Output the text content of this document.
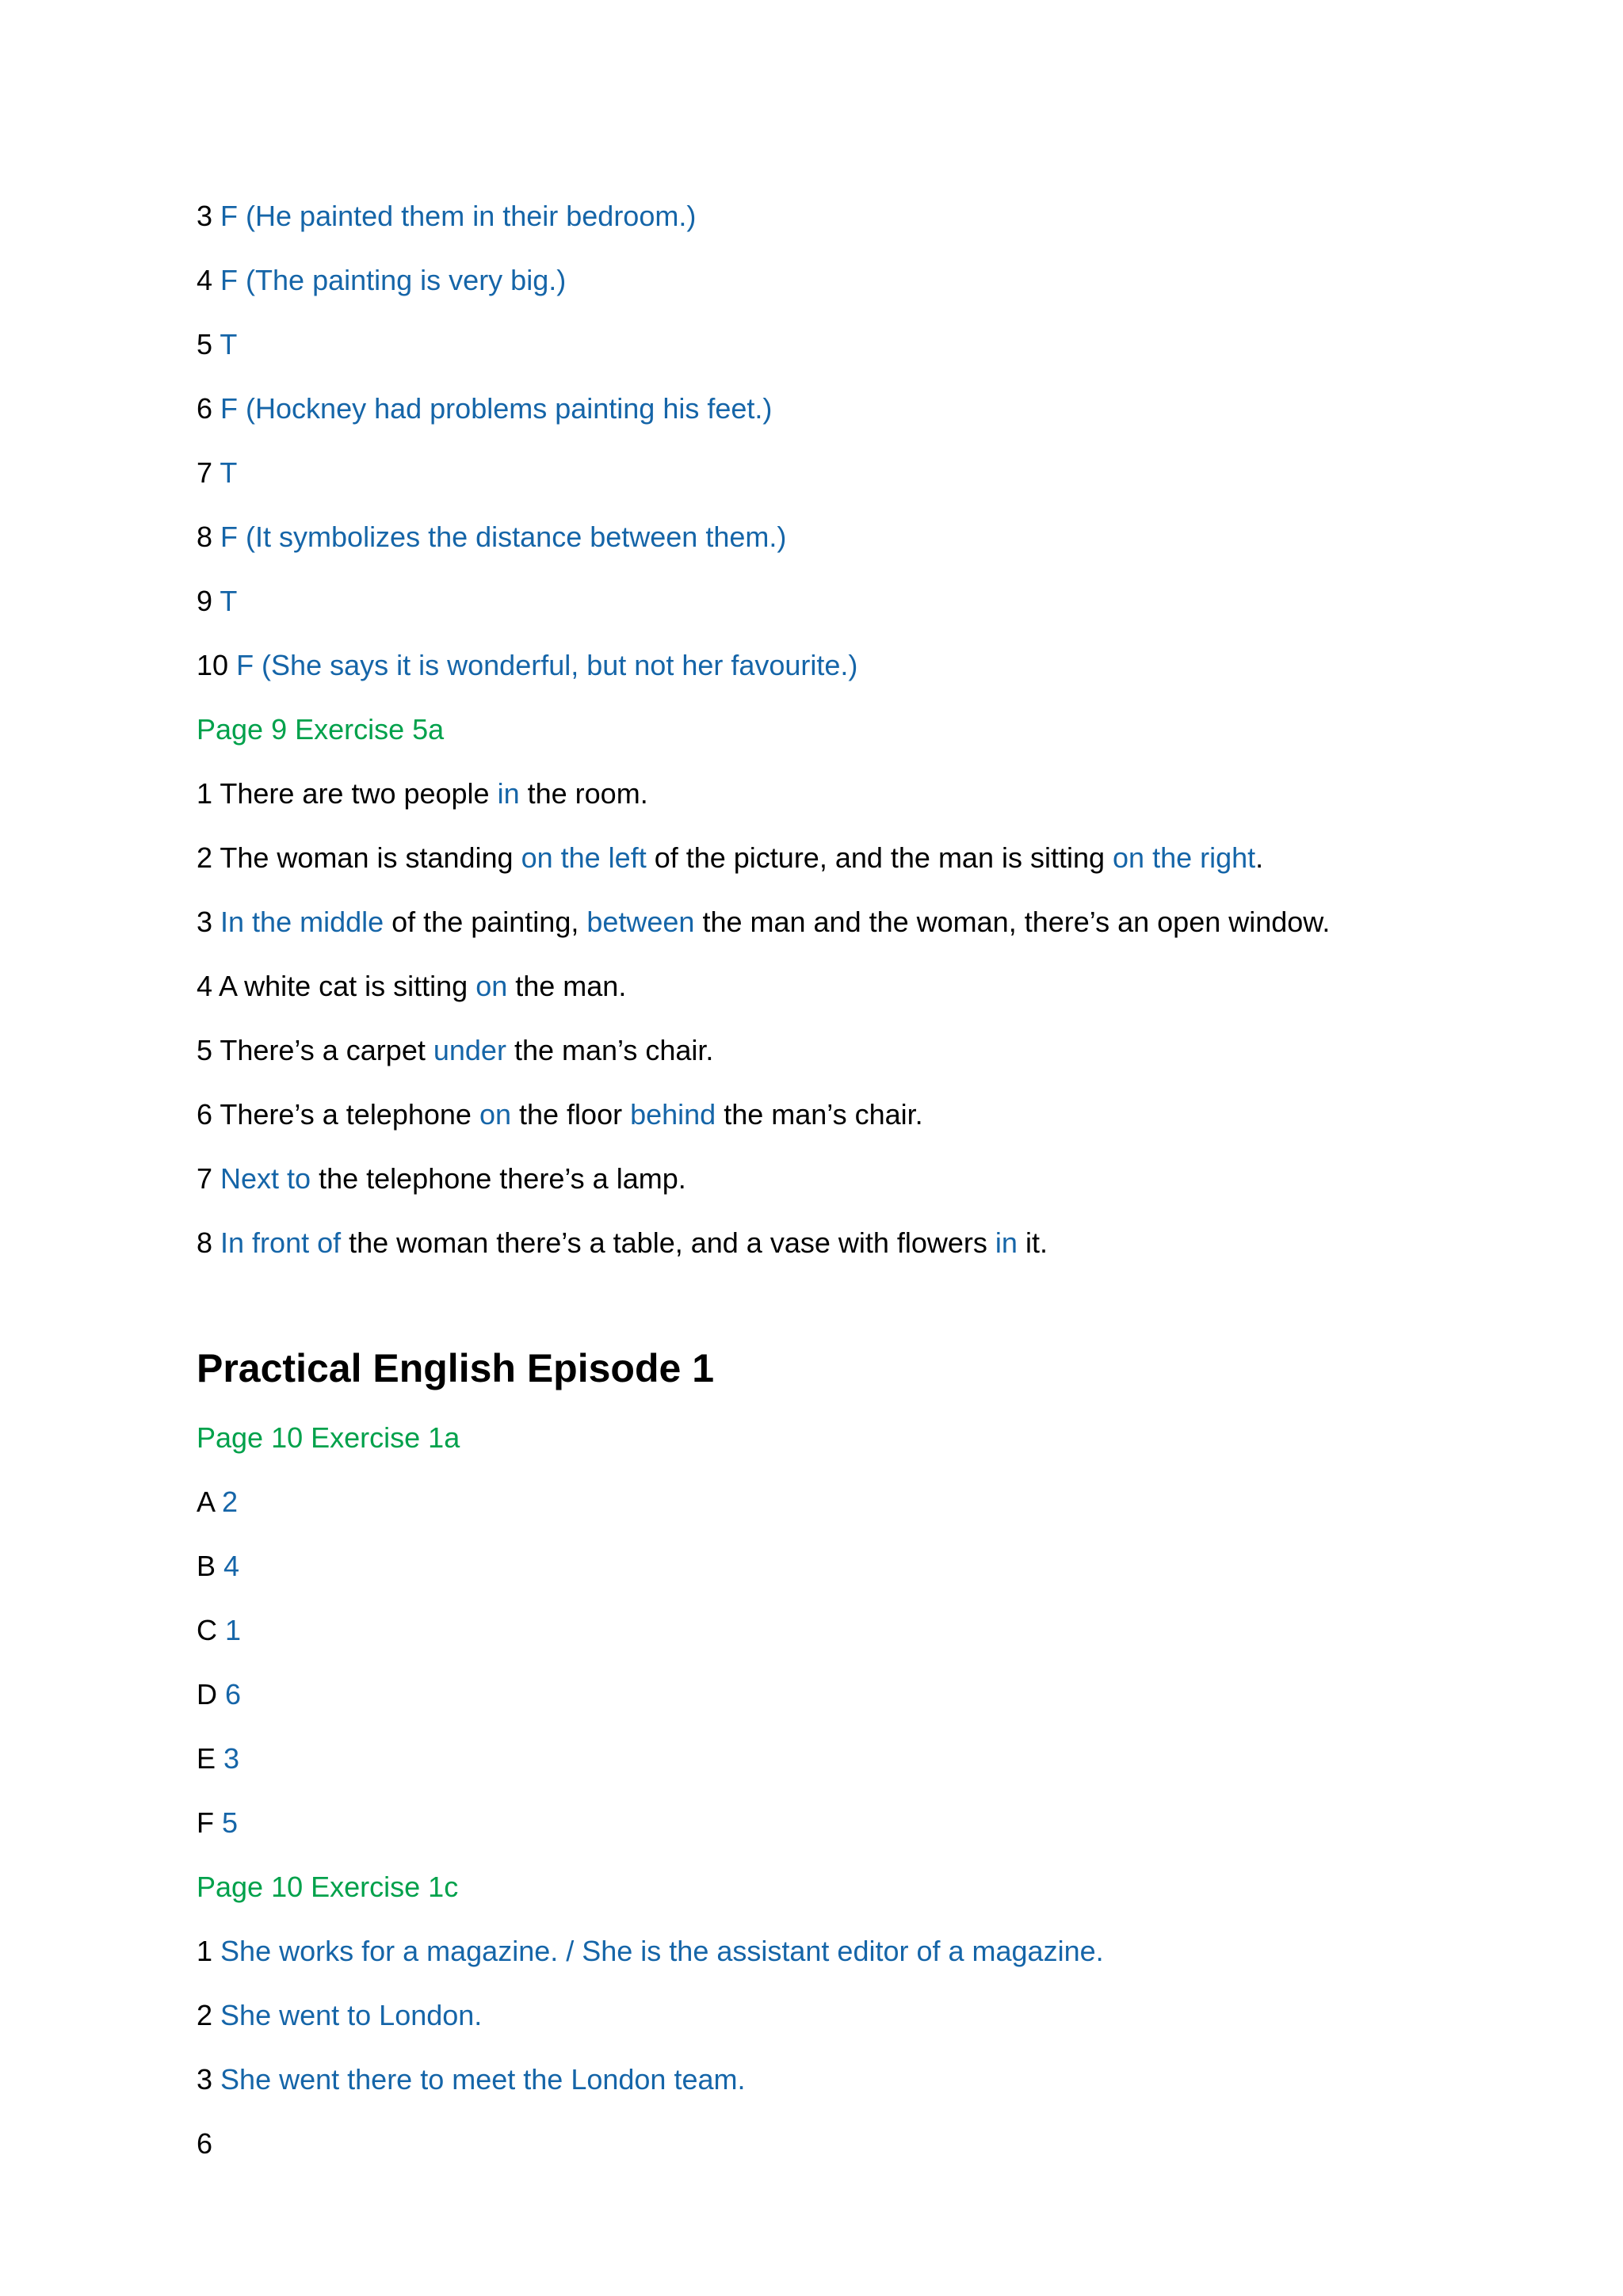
3 F (He painted them in their bedroom.)
4 F (The painting is very big.)
5 T
6 F (Hockney had problems painting his feet.)
7 T
8 F (It symbolizes the distance between them.)
9 T
10 F (She says it is wonderful, but not her favourite.)
Page 9 Exercise 5a
1 There are two people in the room.
2 The woman is standing on the left of the picture, and the man is sitting on the right.
3 In the middle of the painting, between the man and the woman, there’s an open window.
4 A white cat is sitting on the man.
5 There’s a carpet under the man’s chair.
6 There’s a telephone on the floor behind the man’s chair.
7 Next to the telephone there’s a lamp.
8 In front of the woman there’s a table, and a vase with flowers in it.
Practical English Episode 1
Page 10 Exercise 1a
A 2
B 4
C 1
D 6
E 3
F 5
Page 10 Exercise 1c
1 She works for a magazine. / She is the assistant editor of a magazine.
2 She went to London.
3 She went there to meet the London team.
6
